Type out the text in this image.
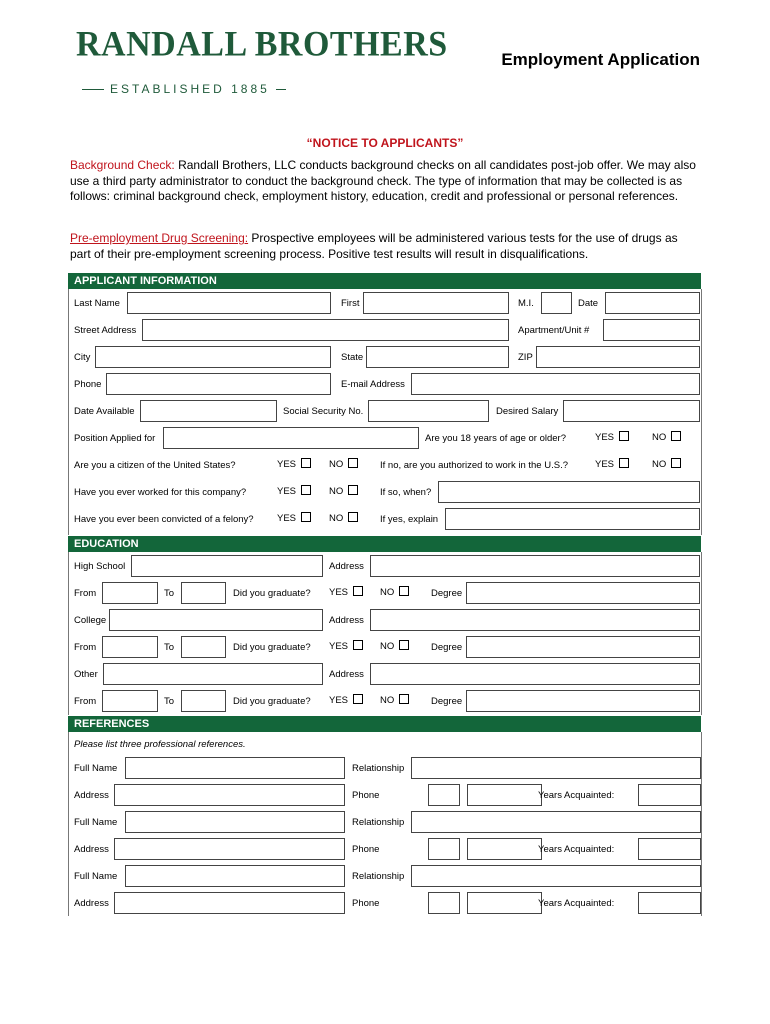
RANDALL BROTHERS
ESTABLISHED 1885
Employment Application
“NOTICE TO APPLICANTS”
Background Check: Randall Brothers, LLC conducts background checks on all candidates post-job offer. We may also use a third party administrator to conduct the background check. The type of information that may be collected is as follows: criminal background check, employment history, education, credit and professional or personal references.
Pre-employment Drug Screening: Prospective employees will be administered various tests for the use of drugs as part of their pre-employment screening process. Positive test results will result in disqualifications.
APPLICANT INFORMATION
Last Name	First	M.I.	Date
Street Address	Apartment/Unit #
City	State	ZIP
Phone	E-mail Address
Date Available	Social Security No.	Desired Salary
Position Applied for	Are you 18 years of age or older?	YES	NO
Are you a citizen of the United States?	YES	NO	If no, are you authorized to work in the U.S.?	YES	NO
Have you ever worked for this company?	YES	NO	If so, when?
Have you ever been convicted of a felony? YES	NO	If yes, explain
EDUCATION
High School	Address
From	To	Did you graduate? YES	NO	Degree
College	Address
From	To	Did you graduate? YES	NO	Degree
Other	Address
From	To	Did you graduate? YES	NO	Degree
REFERENCES
Please list three professional references.
Full Name	Relationship
Address	Phone	Years Acquainted:
Full Name	Relationship
Address	Phone	Years Acquainted:
Full Name	Relationship
Address	Phone	Years Acquainted:
